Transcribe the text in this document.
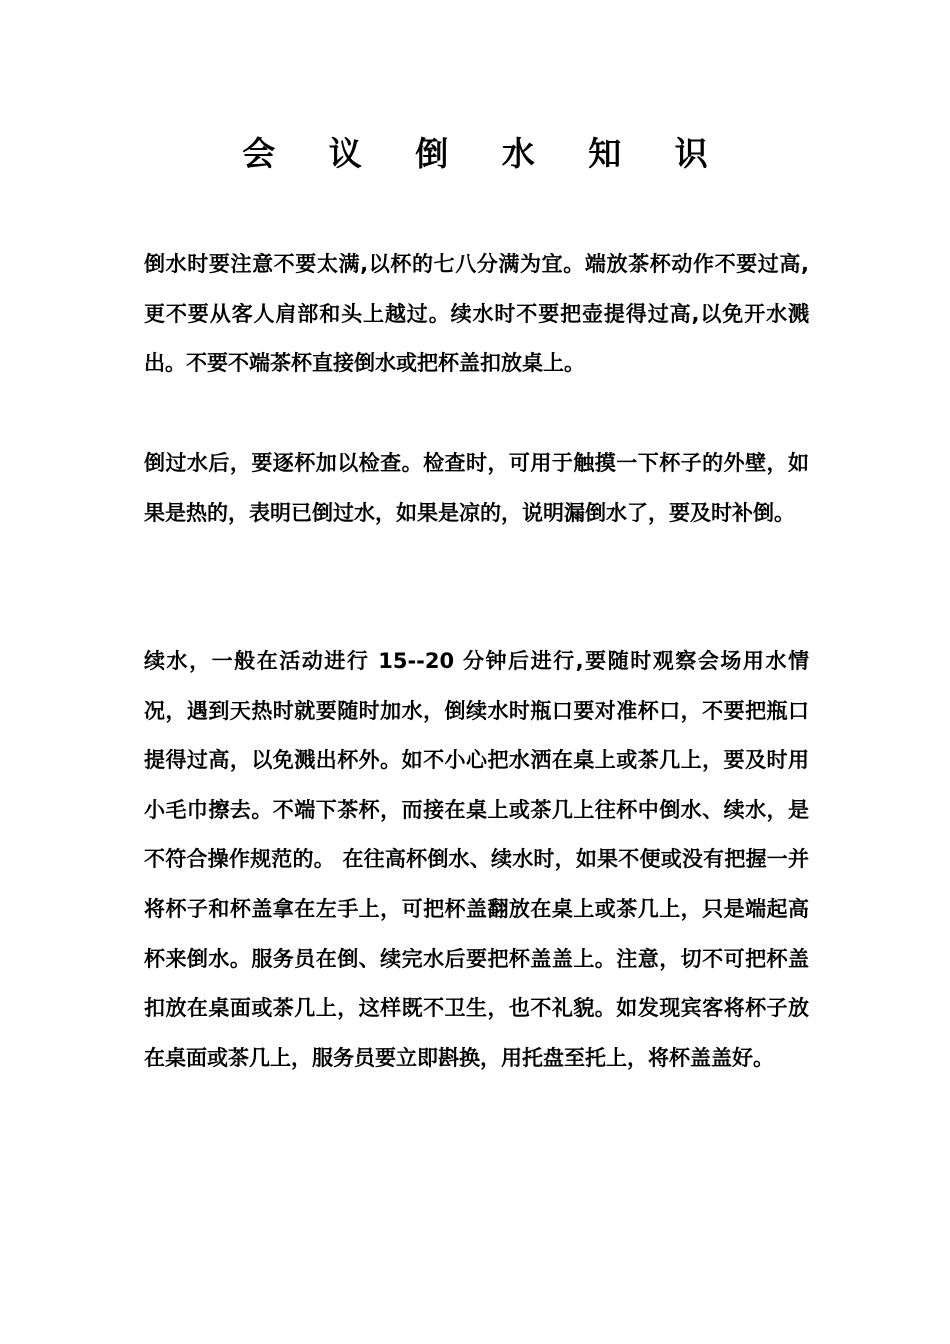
会 议 倒 水 知 识

倒水时要注意不要太满,以杯的七八分满为宜。端放茶杯动作不要过高,更不要从客人肩部和头上越过。续水时不要把壶提得过高,以免开水溅出。不要不端茶杯直接倒水或把杯盖扣放桌上。

倒过水后，要逐杯加以检查。检查时，可用于触摸一下杯子的外壁，如果是热的，表明已倒过水，如果是凉的，说明漏倒水了，要及时补倒。

续水，一般在活动进行 15--20 分钟后进行,要随时观察会场用水情况，遇到天热时就要随时加水，倒续水时瓶口要对准杯口，不要把瓶口提得过高，以免溅出杯外。如不小心把水洒在桌上或茶几上，要及时用小毛巾擦去。不端下茶杯，而接在桌上或茶几上往杯中倒水、续水，是不符合操作规范的。 在往高杯倒水、续水时，如果不便或没有把握一并将杯子和杯盖拿在左手上，可把杯盖翻放在桌上或茶几上，只是端起高杯来倒水。服务员在倒、续完水后要把杯盖盖上。注意，切不可把杯盖扣放在桌面或茶几上，这样既不卫生，也不礼貌。如发现宾客将杯子放在桌面或茶几上，服务员要立即斟换，用托盘至托上，将杯盖盖好。
